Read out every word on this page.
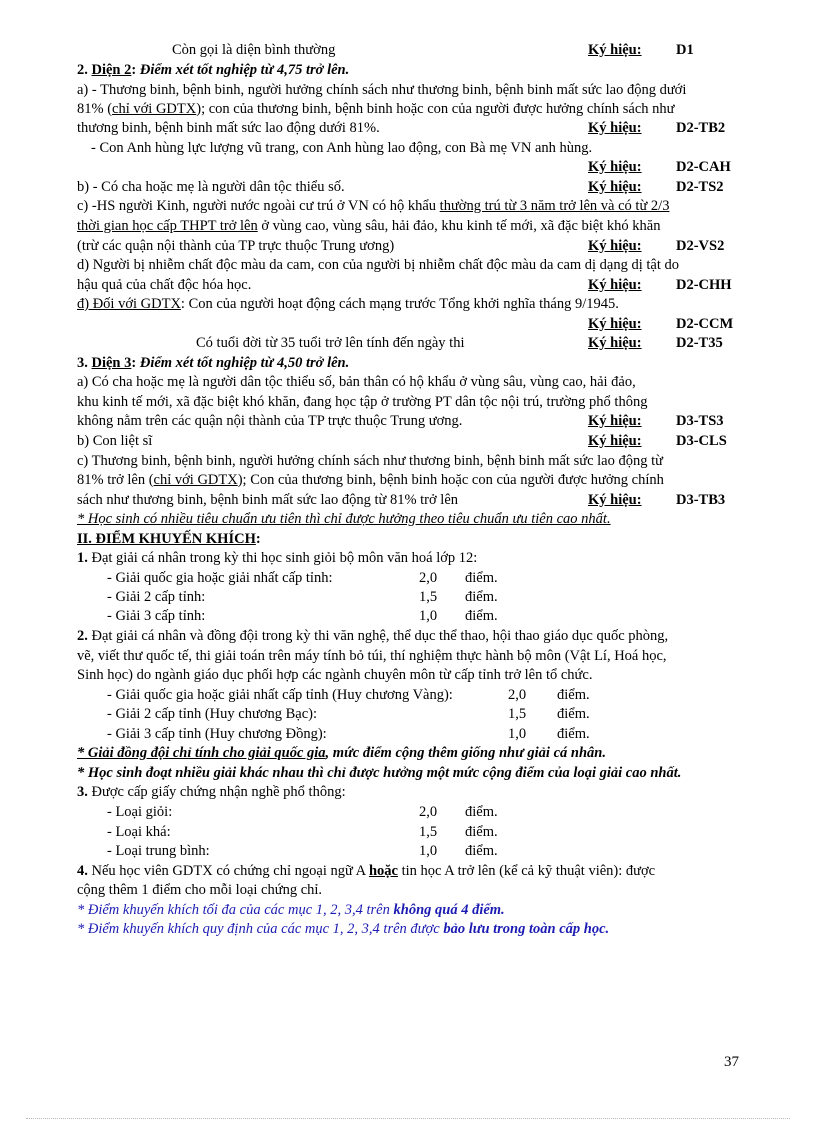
Còn gọi là diện bình thường	Ký hiệu: D1
2. Diện 2: Điểm xét tốt nghiệp từ 4,75 trở lên.
a) - Thương binh, bệnh binh, người hưởng chính sách như thương binh, bệnh binh mất sức lao động dưới
81% (chỉ với GDTX); con của thương binh, bệnh binh hoặc con của người được hưởng chính sách như
thương binh, bệnh binh mất sức lao động dưới 81%.	Ký hiệu: D2-TB2
- Con Anh hùng lực lượng vũ trang, con Anh hùng lao động, con Bà mẹ VN anh hùng.
Ký hiệu: D2-CAH
b) - Có cha hoặc mẹ là người dân tộc thiểu số.	Ký hiệu: D2-TS2
c) -HS người Kinh, người nước ngoài cư trú ở VN có hộ khẩu thường trú từ 3 năm trở lên và có từ 2/3
thời gian học cấp THPT trở lên ở vùng cao, vùng sâu, hải đảo, khu kinh tế mới, xã đặc biệt khó khăn
(trừ các quận nội thành của TP trực thuộc Trung ương)	Ký hiệu: D2-VS2
d) Người bị nhiễm chất độc màu da cam, con của người bị nhiễm chất độc màu da cam dị dạng dị tật do
hậu quả của chất độc hóa học.	Ký hiệu: D2-CHH
đ) Đối với GDTX: Con của người hoạt động cách mạng trước Tổng khởi nghĩa tháng 9/1945.
Ký hiệu: D2-CCM
Có tuổi đời từ 35 tuổi trở lên tính đến ngày thi	Ký hiệu: D2-T35
3. Diện 3: Điểm xét tốt nghiệp từ 4,50 trở lên.
a) Có cha hoặc mẹ là người dân tộc thiểu số, bản thân có hộ khẩu ở vùng sâu, vùng cao, hải đảo,
khu kinh tế mới, xã đặc biệt khó khăn, đang học tập ở trường PT dân tộc nội trú, trường phổ thông
không nằm trên các quận nội thành của TP trực thuộc Trung ương.	Ký hiệu: D3-TS3
b) Con liệt sĩ	Ký hiệu: D3-CLS
c) Thương binh, bệnh binh, người hưởng chính sách như thương binh, bệnh binh mất sức lao động từ
81% trở lên (chỉ với GDTX); Con của thương binh, bệnh binh hoặc con của người được hưởng chính
sách như thương binh, bệnh binh mất sức lao động từ 81% trở lên	Ký hiệu: D3-TB3
* Học sinh có nhiều tiêu chuẩn ưu tiên thì chỉ được hưởng theo tiêu chuẩn ưu tiên cao nhất.
II. ĐIỂM KHUYẾN KHÍCH:
1. Đạt giải cá nhân trong kỳ thi học sinh giỏi bộ môn văn hoá lớp 12:
- Giải quốc gia hoặc giải nhất cấp tỉnh:	2,0 điểm.
- Giải 2 cấp tỉnh:	1,5 điểm.
- Giải 3 cấp tỉnh:	1,0 điểm.
2. Đạt giải cá nhân và đồng đội trong kỳ thi văn nghệ, thể dục thể thao, hội thao giáo dục quốc phòng,
vẽ, viết thư quốc tế, thi giải toán trên máy tính bỏ túi, thí nghiệm thực hành bộ môn (Vật Lí, Hoá học,
Sinh học) do ngành giáo dục phối hợp các ngành chuyên môn từ cấp tỉnh trở lên tổ chức.
- Giải quốc gia hoặc giải nhất cấp tỉnh (Huy chương Vàng):	2,0 điểm.
- Giải 2 cấp tỉnh (Huy chương Bạc):	1,5 điểm.
- Giải 3 cấp tỉnh (Huy chương Đồng):	1,0 điểm.
* Giải đồng đội chỉ tính cho giải quốc gia, mức điểm cộng thêm giống như giải cá nhân.
* Học sinh đoạt nhiều giải khác nhau thì chỉ được hưởng một mức cộng điểm của loại giải cao nhất.
3. Được cấp giấy chứng nhận nghề phổ thông:
- Loại giỏi:	2,0 điểm.
- Loại khá:	1,5 điểm.
- Loại trung bình:	1,0 điểm.
4. Nếu học viên GDTX có chứng chỉ ngoại ngữ A hoặc tin học A trở lên (kể cả kỹ thuật viên): được
cộng thêm 1 điểm cho mỗi loại chứng chỉ.
* Điểm khuyến khích tối đa của các mục 1, 2, 3,4 trên không quá 4 điểm.
* Điểm khuyến khích quy định của các mục 1, 2, 3,4 trên được bảo lưu trong toàn cấp học.
37
